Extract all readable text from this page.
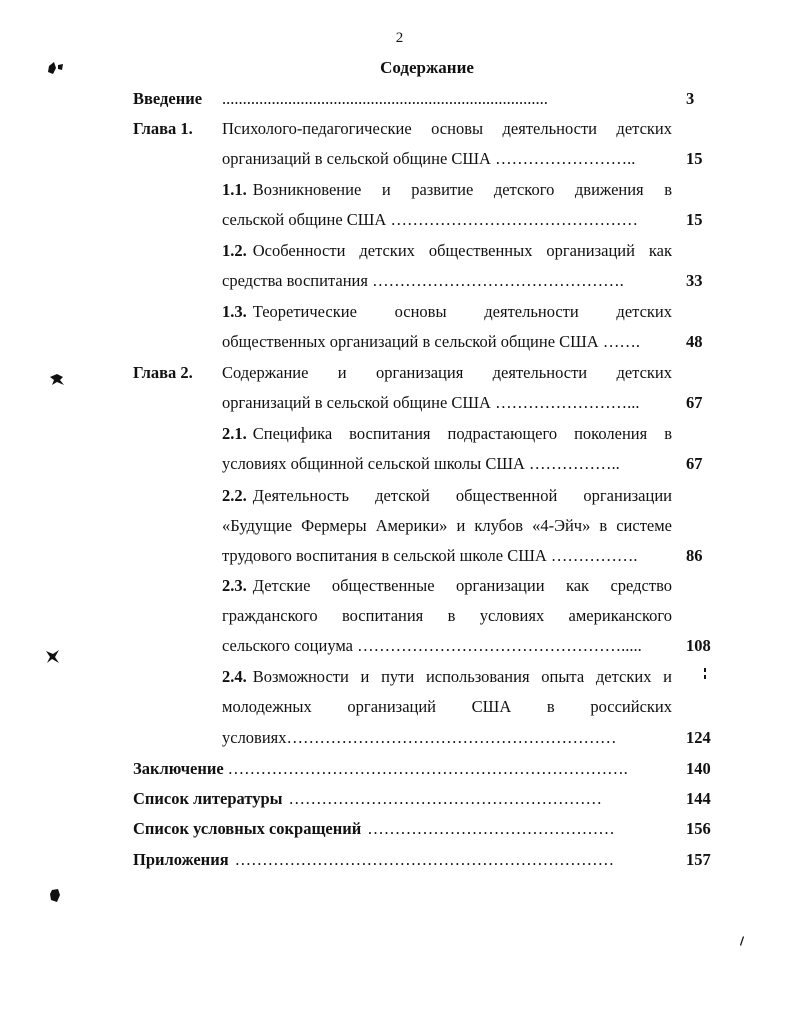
2
Содержание
Введение ...............................................................................	3
Глава 1. Психолого-педагогические основы деятельности детских
организаций в сельской общине США ……………………..	15
1.1. Возникновение и развитие детского движения в
сельской общине США ………………………………………	15
1.2. Особенности детских общественных организаций как
средства воспитания ……………………………………….	33
1.3. Теоретические основы деятельности детских
общественных организаций в сельской общине США …….	48
Глава 2. Содержание и организация деятельности детских
организаций в сельской общине США ……………………...	67
2.1. Специфика воспитания подрастающего поколения в
условиях общинной сельской школы США ……………..	67
2.2. Деятельность детской общественной организации
«Будущие Фермеры Америки» и клубов «4-Эйч» в системе
трудового воспитания в сельской школе США …………….	86
2.3. Детские общественные организации как средство
гражданского воспитания в условиях американского
сельского социума ………………………………………….....	108
2.4. Возможности и пути использования опыта детских и
молодежных организаций США в российских
условиях……………………………………………………	124
Заключение ……………………………………………………………….	140
Список литературы …………………………………………………	144
Список условных сокращений ………………………………………	156
Приложения ……………………………………………………………	157
